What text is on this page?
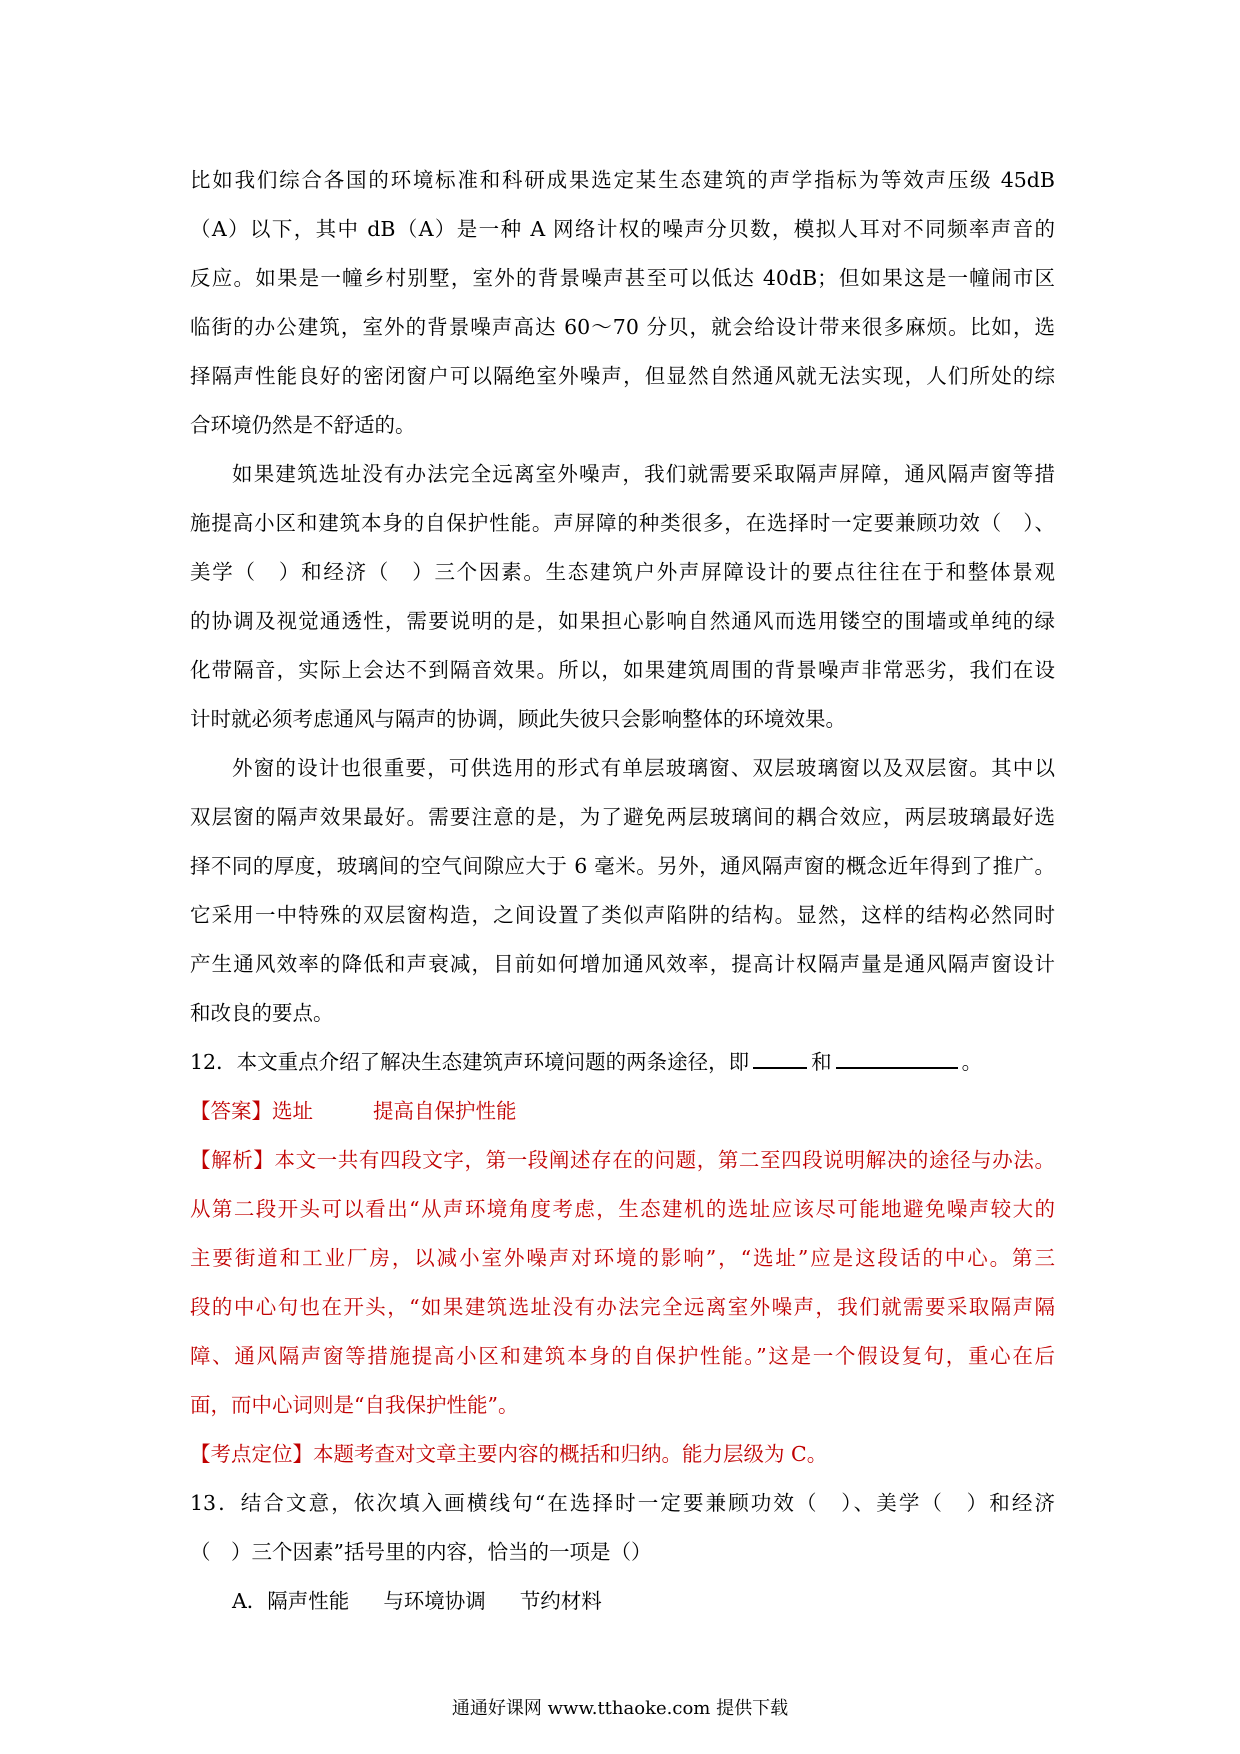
比如我们综合各国的环境标准和科研成果选定某生态建筑的声学指标为等效声压级 45dB
（A）以下，其中 dB（A）是一种 A 网络计权的噪声分贝数，模拟人耳对不同频率声音的
反应。如果是一幢乡村别墅，室外的背景噪声甚至可以低达 40dB；但如果这是一幢闹市区
临街的办公建筑，室外的背景噪声高达 60～70 分贝，就会给设计带来很多麻烦。比如，选
择隔声性能良好的密闭窗户可以隔绝室外噪声，但显然自然通风就无法实现，人们所处的综
合环境仍然是不舒适的。
如果建筑选址没有办法完全远离室外噪声，我们就需要采取隔声屏障，通风隔声窗等措
施提高小区和建筑本身的自保护性能。声屏障的种类很多，在选择时一定要兼顾功效（　）、
美学（　）和经济（　）三个因素。生态建筑户外声屏障设计的要点往往在于和整体景观
的协调及视觉通透性，需要说明的是，如果担心影响自然通风而选用镂空的围墙或单纯的绿
化带隔音，实际上会达不到隔音效果。所以，如果建筑周围的背景噪声非常恶劣，我们在设
计时就必须考虑通风与隔声的协调，顾此失彼只会影响整体的环境效果。
外窗的设计也很重要，可供选用的形式有单层玻璃窗、双层玻璃窗以及双层窗。其中以
双层窗的隔声效果最好。需要注意的是，为了避免两层玻璃间的耦合效应，两层玻璃最好选
择不同的厚度，玻璃间的空气间隙应大于 6 毫米。另外，通风隔声窗的概念近年得到了推广。
它采用一中特殊的双层窗构造，之间设置了类似声陷阱的结构。显然，这样的结构必然同时
产生通风效率的降低和声衰减，目前如何增加通风效率，提高计权隔声量是通风隔声窗设计
和改良的要点。
12．本文重点介绍了解决生态建筑声环境问题的两条途径，即	和	。
【答案】选址	提高自保护性能
【解析】本文一共有四段文字，第一段阐述存在的问题，第二至四段说明解决的途径与办法。
从第二段开头可以看出“从声环境角度考虑，生态建机的选址应该尽可能地避免噪声较大的
主要街道和工业厂房，以减小室外噪声对环境的影响”，“选址”应是这段话的中心。第三
段的中心句也在开头，“如果建筑选址没有办法完全远离室外噪声，我们就需要采取隔声隔
障、通风隔声窗等措施提高小区和建筑本身的自保护性能。”这是一个假设复句，重心在后
面，而中心词则是“自我保护性能”。
【考点定位】本题考查对文章主要内容的概括和归纳。能力层级为 C。
13．结合文意，依次填入画横线句“在选择时一定要兼顾功效（　）、美学（　）和经济
（　）三个因素”括号里的内容，恰当的一项是（）
A．隔声性能 与环境协调 节约材料
通通好课网 www.tthaoke.com 提供下载
